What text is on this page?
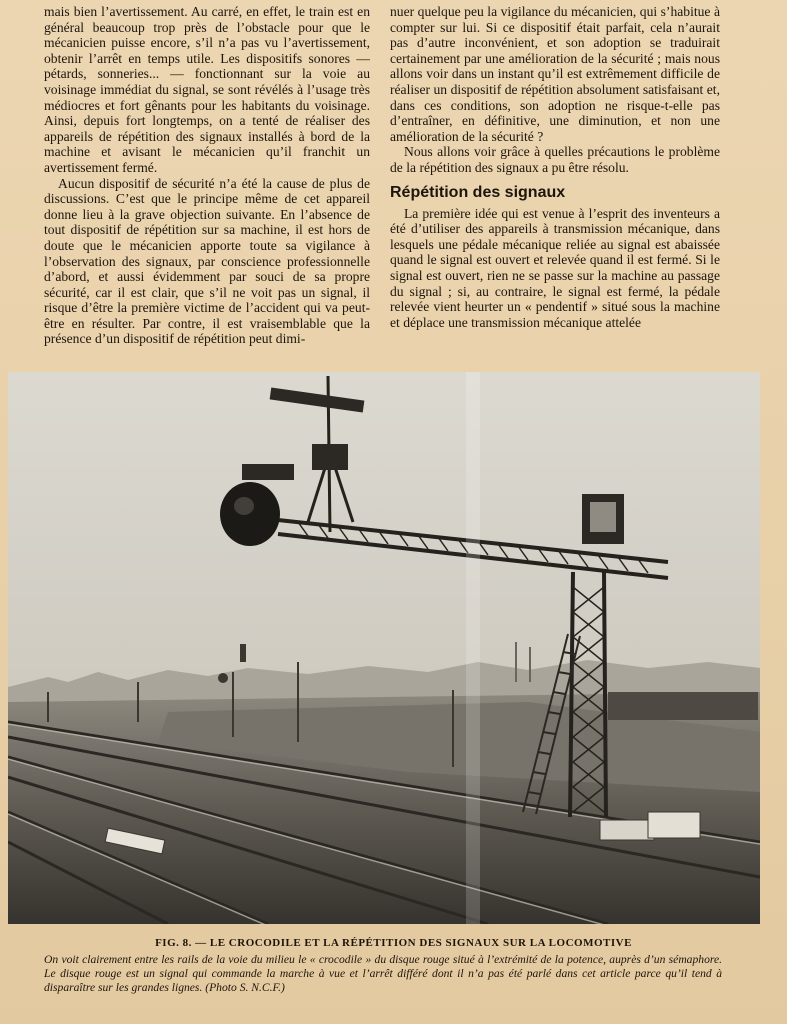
mais bien l’avertissement. Au carré, en effet, le train est en général beaucoup trop près de l’obstacle pour que le mécanicien puisse encore, s’il n’a pas vu l’avertissement, obtenir l’arrêt en temps utile. Les dispositifs sonores — pétards, sonneries... — fonctionnant sur la voie au voisinage immédiat du signal, se sont révélés à l’usage très médiocres et fort gênants pour les habitants du voisinage. Ainsi, depuis fort longtemps, on a tenté de réaliser des appareils de répétition des signaux installés à bord de la machine et avisant le mécanicien qu’il franchit un avertissement fermé.

Aucun dispositif de sécurité n’a été la cause de plus de discussions. C’est que le principe même de cet appareil donne lieu à la grave objection suivante. En l’absence de tout dispositif de répétition sur sa machine, il est hors de doute que le mécanicien apporte toute sa vigilance à l’observation des signaux, par conscience professionnelle d’abord, et aussi évidemment par souci de sa propre sécurité, car il est clair, que s’il ne voit pas un signal, il risque d’être la première victime de l’accident qui va peut-être en résulter. Par contre, il est vraisemblable que la présence d’un dispositif de répétition peut dimi-

nuer quelque peu la vigilance du mécanicien, qui s’habitue à compter sur lui. Si ce dispositif était parfait, cela n’aurait pas d’autre inconvénient, et son adoption se traduirait certainement par une amélioration de la sécurité ; mais nous allons voir dans un instant qu’il est extrêmement difficile de réaliser un dispositif de répétition absolument satisfaisant et, dans ces conditions, son adoption ne risque-t-elle pas d’entraîner, en définitive, une diminution, et non une amélioration de la sécurité ?

Nous allons voir grâce à quelles précautions le problème de la répétition des signaux a pu être résolu.

Répétition des signaux

La première idée qui est venue à l’esprit des inventeurs a été d’utiliser des appareils à transmission mécanique, dans lesquels une pédale mécanique reliée au signal est abaissée quand le signal est ouvert et relevée quand il est fermé. Si le signal est ouvert, rien ne se passe sur la machine au passage du signal ; si, au contraire, le signal est fermé, la pédale relevée vient heurter un « pendentif » situé sous la machine et déplace une transmission mécanique attelée

FIG. 8. — LE CROCODILE ET LA RÉPÉTITION DES SIGNAUX SUR LA LOCOMOTIVE
On voit clairement entre les rails de la voie du milieu le « crocodile » du disque rouge situé à l’extrémité de la potence, auprès d’un sémaphore. Le disque rouge est un signal qui commande la marche à vue et l’arrêt différé dont il n’a pas été parlé dans cet article parce qu’il tend à disparaître sur les grandes lignes. (Photo S. N.C.F.)
